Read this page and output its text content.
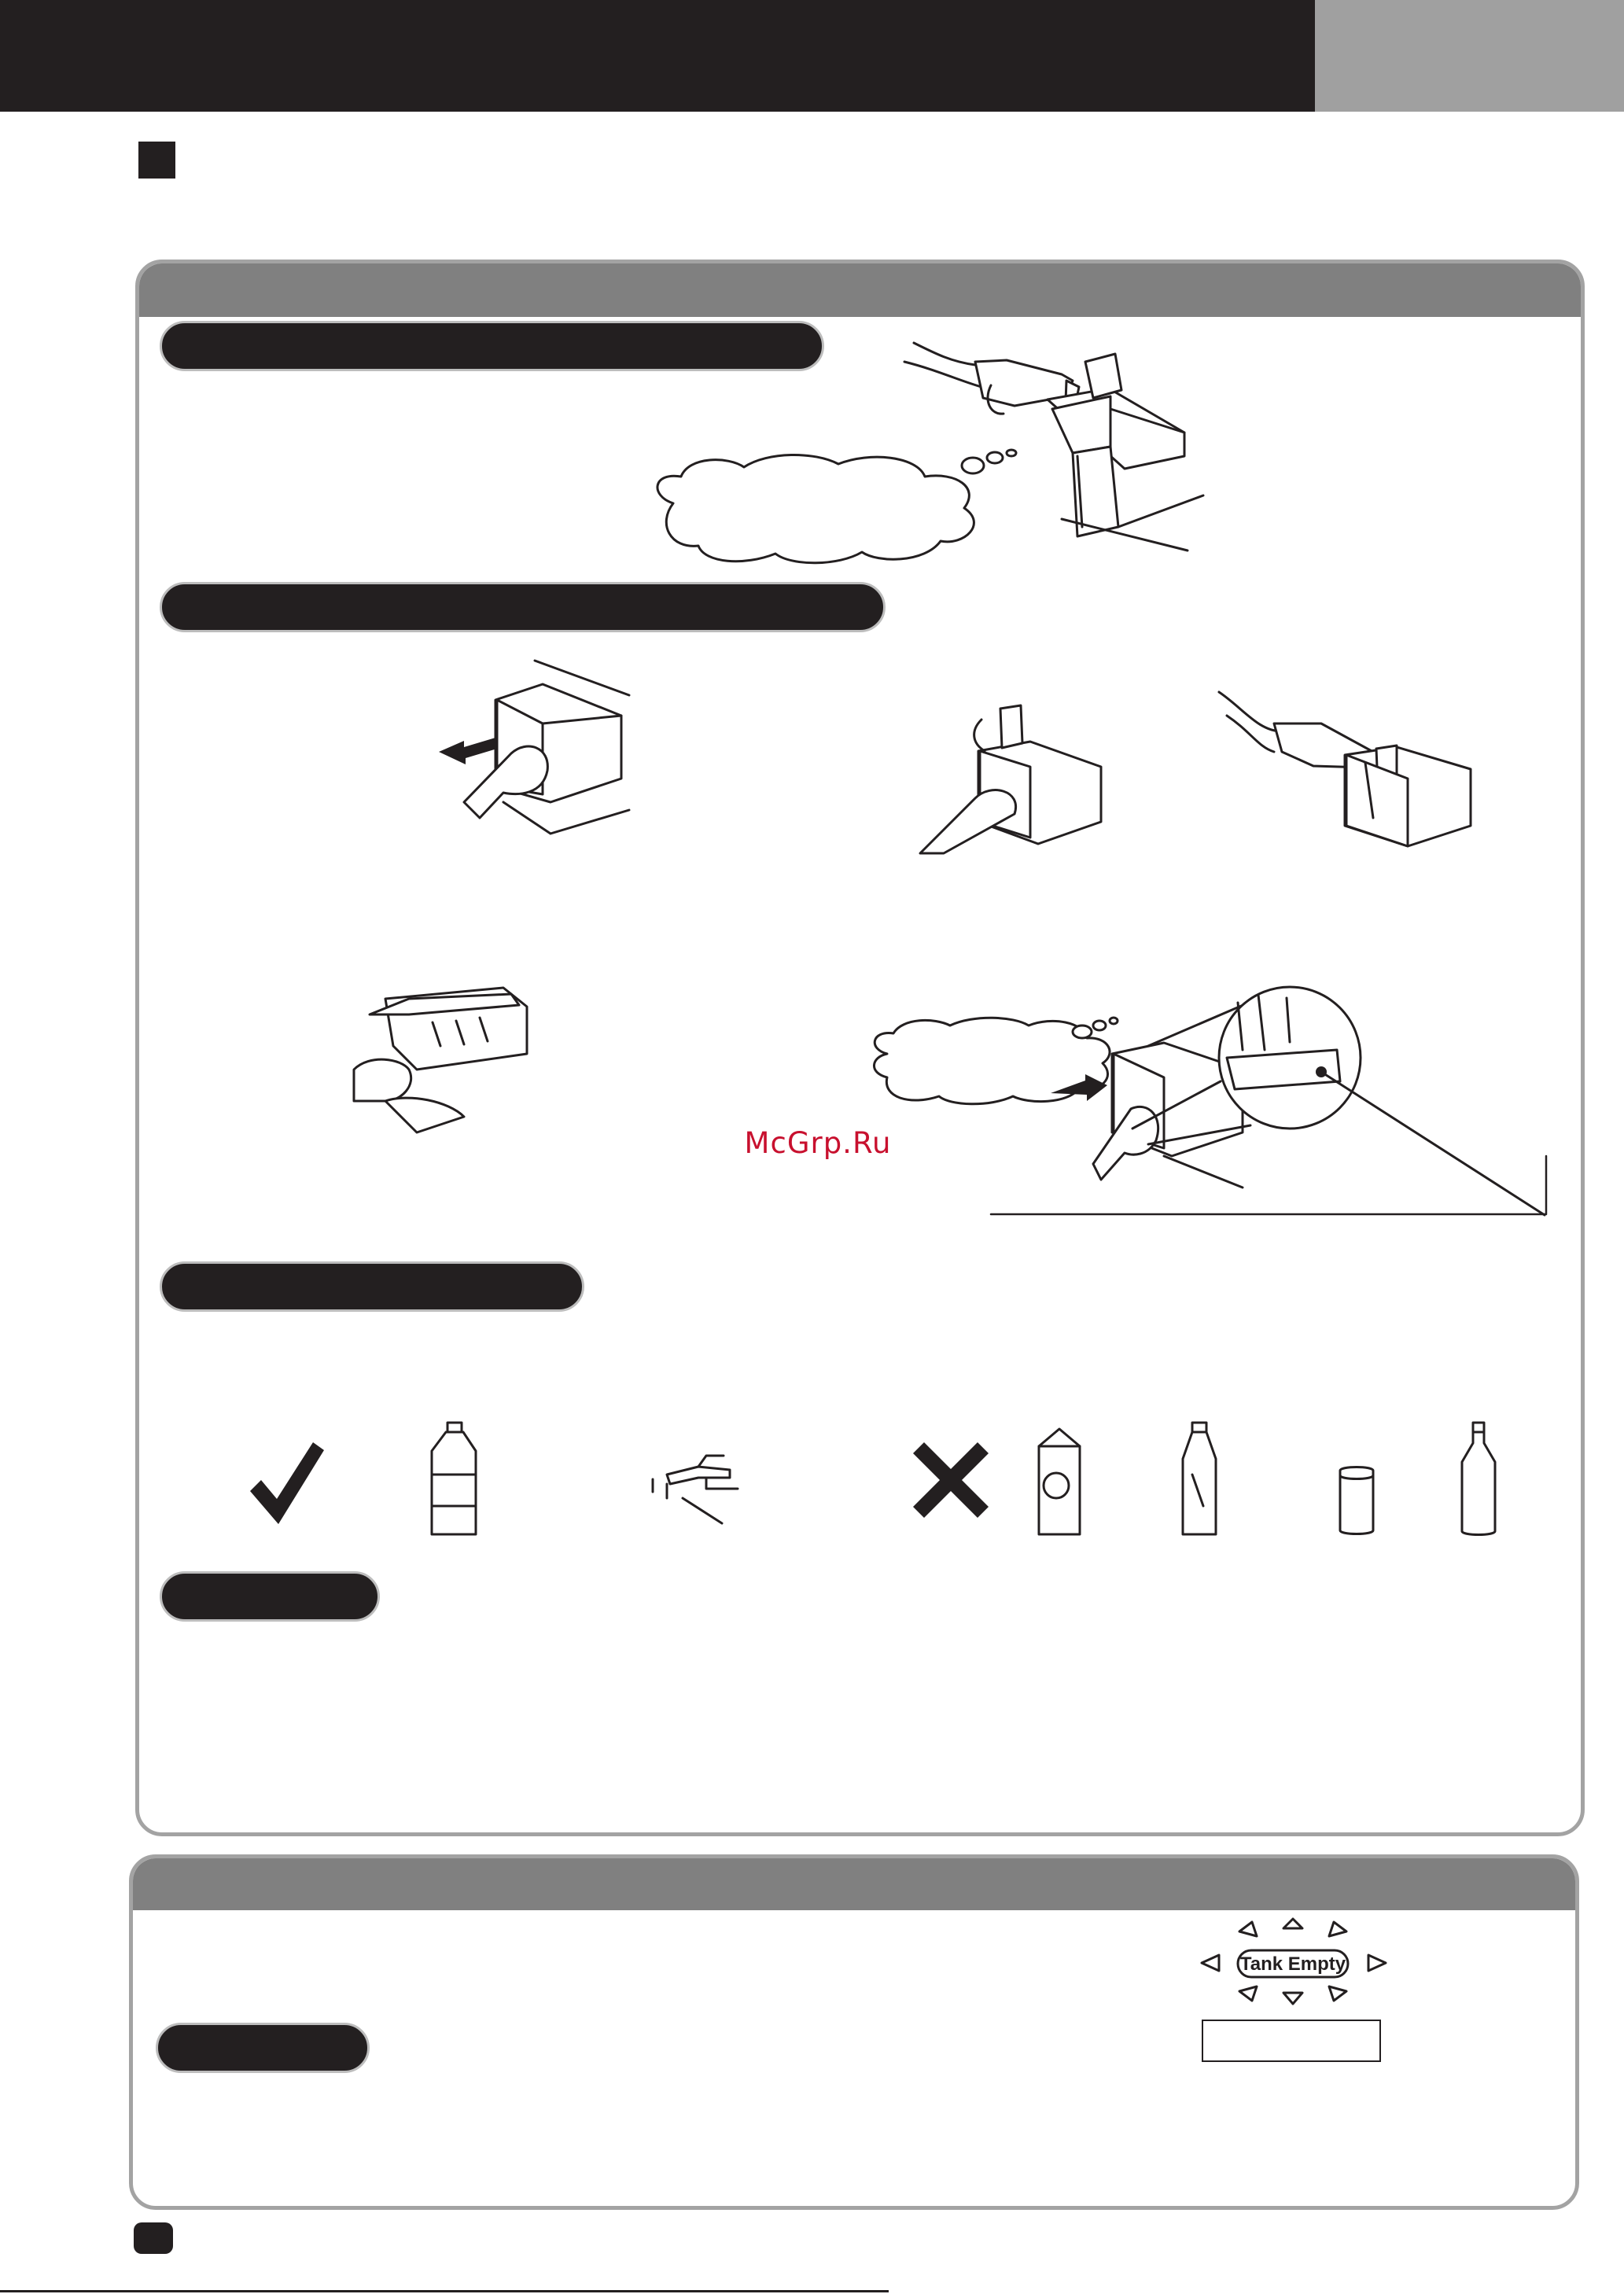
McGrp.Ru
Tank Empty
